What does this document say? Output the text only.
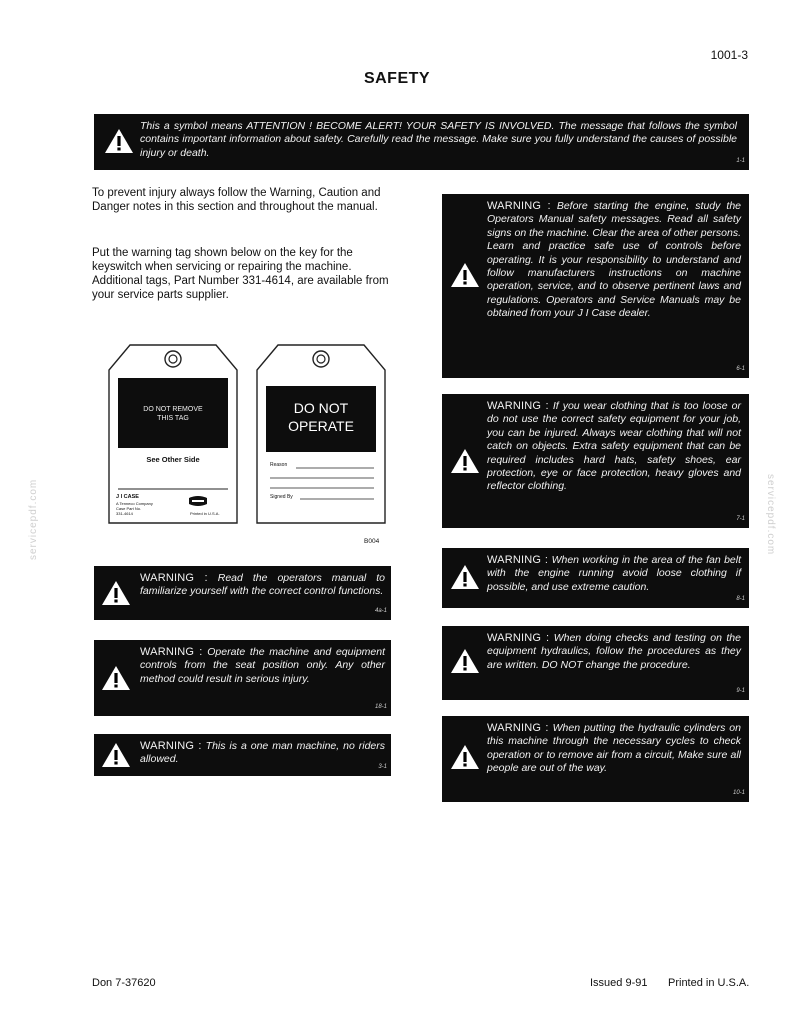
1001-3
SAFETY

This a symbol means ATTENTION ! BECOME ALERT! YOUR SAFETY IS INVOLVED. The message that follows the symbol contains important information about safety. Carefully read the message. Make sure you fully understand the causes of possible injury or death.

1-1

To prevent injury always follow the Warning, Caution and Danger notes in this section and throughout the manual.

Put the warning tag shown below on the key for the keyswitch when servicing or repairing the machine. Additional tags, Part Number 331-4614, are available from your service parts supplier.

DO NOT REMOVE
THIS TAG
See Other Side
J I CASE
A Tenneco Company
Case Part No.
331-4614	Printed in U.S.A.
DO NOT
OPERATE
Reason
Signed By
B004

WARNING : Read the operators manual to familiarize yourself with the correct control functions.

4a-1

WARNING : Operate the machine and equipment controls from the seat position only. Any other method could result in serious injury.

18-1

WARNING : This is a one man machine, no riders allowed.

3-1

WARNING : Before starting the engine, study the Operators Manual safety messages. Read all safety signs on the machine. Clear the area of other persons. Learn and practice safe use of controls before operating. It is your responsibility to understand and follow manufacturers instructions on machine operation, service, and to observe pertinent laws and regulations. Operators and Service Manuals may be obtained from your J I Case dealer.

6-1

WARNING : If you wear clothing that is too loose or do not use the correct safety equipment for your job, you can be injured. Always wear clothing that will not catch on objects. Extra safety equipment that can be required includes hard hats, safety shoes, ear protection, eye or face protection, heavy gloves and reflector clothing.

7-1

WARNING : When working in the area of the fan belt with the engine running avoid loose clothing if possible, and use extreme caution.

8-1

WARNING : When doing checks and testing on the equipment hydraulics, follow the procedures as they are written. DO NOT change the procedure.

9-1

WARNING : When putting the hydraulic cylinders on this machine through the necessary cycles to check operation or to remove air from a circuit, Make sure all people are out of the way.

10-1
servicepdf.com	servicepdf.com
Don 7-37620	Issued 9-91 Printed in U.S.A.
